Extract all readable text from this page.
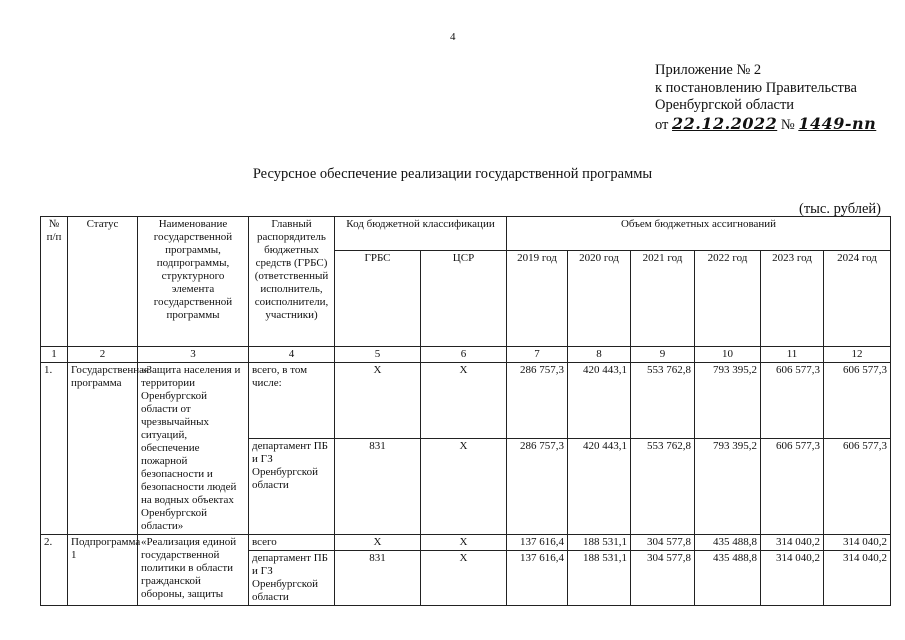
4
Приложение № 2
к постановлению Правительства
Оренбургской области
от 22.12.2022 № 1449-пп
Ресурсное обеспечение реализации государственной программы
(тыс. рублей)
№ п/п	Статус	Наименование государственной программы, подпрограммы, структурного элемента государственной программы	Главный распорядитель бюджетных средств (ГРБС) (ответственный исполнитель, соисполнители, участники)	Код бюджетной классификации		Объем бюджетных ассигнований					
				ГРБС	ЦСР	2019 год	2020 год	2021 год	2022 год	2023 год	2024 год
1	2	3	4	5	6	7	8	9	10	11	12
1.	Государственная программа	«Защита населения и территории Оренбургской области от чрезвычайных ситуаций, обеспечение пожарной безопасности и безопасности людей на водных объектах Оренбургской области»	всего, в том числе:	X	X	286 757,3	420 443,1	553 762,8	793 395,2	606 577,3	606 577,3
			департамент ПБ и ГЗ Оренбургской области	831	X	286 757,3	420 443,1	553 762,8	793 395,2	606 577,3	606 577,3
2.	Подпрограмма 1	«Реализация единой государственной политики в области гражданской обороны, защиты	всего	X	X	137 616,4	188 531,1	304 577,8	435 488,8	314 040,2	314 040,2
			департамент ПБ и ГЗ Оренбургской области	831	X	137 616,4	188 531,1	304 577,8	435 488,8	314 040,2	314 040,2
